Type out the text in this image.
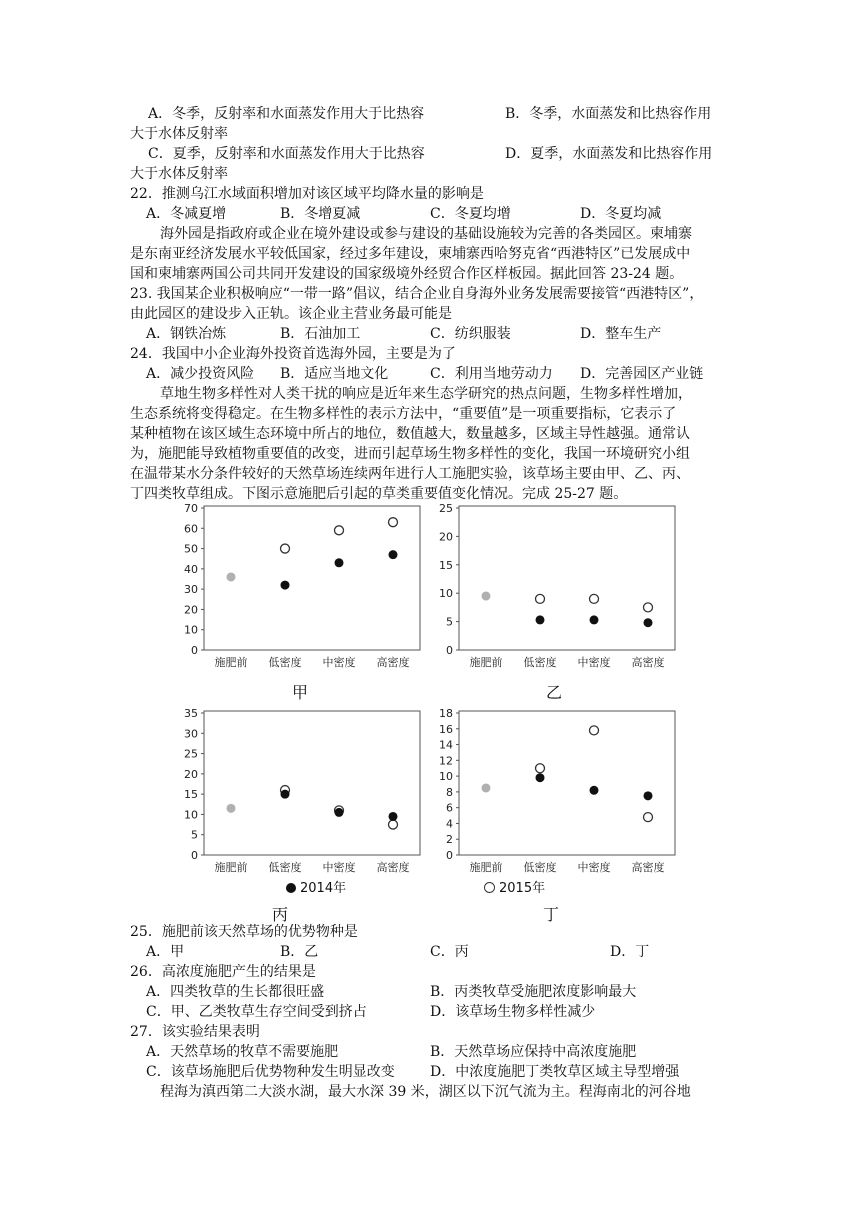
A．冬季，反射率和水面蒸发作用大于比热容	B．冬季，水面蒸发和比热容作用
大于水体反射率
C．夏季，反射率和水面蒸发作用大于比热容	D．夏季，水面蒸发和比热容作用
大于水体反射率
22．推测乌江水域面积增加对该区域平均降水量的影响是
A．冬减夏增	B．冬增夏减	C．冬夏均增	D．冬夏均减
海外园是指政府或企业在境外建设或参与建设的基础设施较为完善的各类园区。柬埔寨
是东南亚经济发展水平较低国家，经过多年建设，柬埔寨西哈努克省“西港特区”已发展成中
国和柬埔寨两国公司共同开发建设的国家级境外经贸合作区样板园。据此回答 23-24 题。
23. 我国某企业积极响应“一带一路”倡议，结合企业自身海外业务发展需要接管“西港特区”，
由此园区的建设步入正轨。该企业主营业务最可能是
A．钢铁冶炼	B．石油加工	C．纺织服装	D．整车生产
24．我国中小企业海外投资首选海外园，主要是为了
A．减少投资风险 B．适应当地文化	C．利用当地劳动力 D．完善园区产业链
草地生物多样性对人类干扰的响应是近年来生态学研究的热点问题，生物多样性增加，
生态系统将变得稳定。在生物多样性的表示方法中，“重要值”是一项重要指标，它表示了
某种植物在该区域生态环境中所占的地位，数值越大，数量越多，区域主导性越强。通常认
为，施肥能导致植物重要值的改变，进而引起草场生物多样性的变化，我国一环境研究小组
在温带某水分条件较好的天然草场连续两年进行人工施肥实验，该草场主要由甲、乙、丙、
丁四类牧草组成。下图示意施肥后引起的草类重要值变化情况。完成 25-27 题。
0
10
20
30
40
50
60
70
施肥前 低密度 中密度 高密度
0
5
10
15
20
25
施肥前 低密度 中密度 高密度
0
5
10
15
20
25
30
35
施肥前 低密度 中密度 高密度
0
2
4
6
8
10
12
14
16
18
施肥前 低密度 中密度 高密度
甲	乙
丙	丁
2014年	2015年
25．施肥前该天然草场的优势物种是
A．甲	B．乙	C．丙	D．丁
26．高浓度施肥产生的结果是
A．四类牧草的生长都很旺盛	B．丙类牧草受施肥浓度影响最大
C．甲、乙类牧草生存空间受到挤占	D．该草场生物多样性减少
27．该实验结果表明
A．天然草场的牧草不需要施肥	B．天然草场应保持中高浓度施肥
C．该草场施肥后优势物种发生明显改变	D．中浓度施肥丁类牧草区域主导型增强
程海为滇西第二大淡水湖，最大水深 39 米，湖区以下沉气流为主。程海南北的河谷地
